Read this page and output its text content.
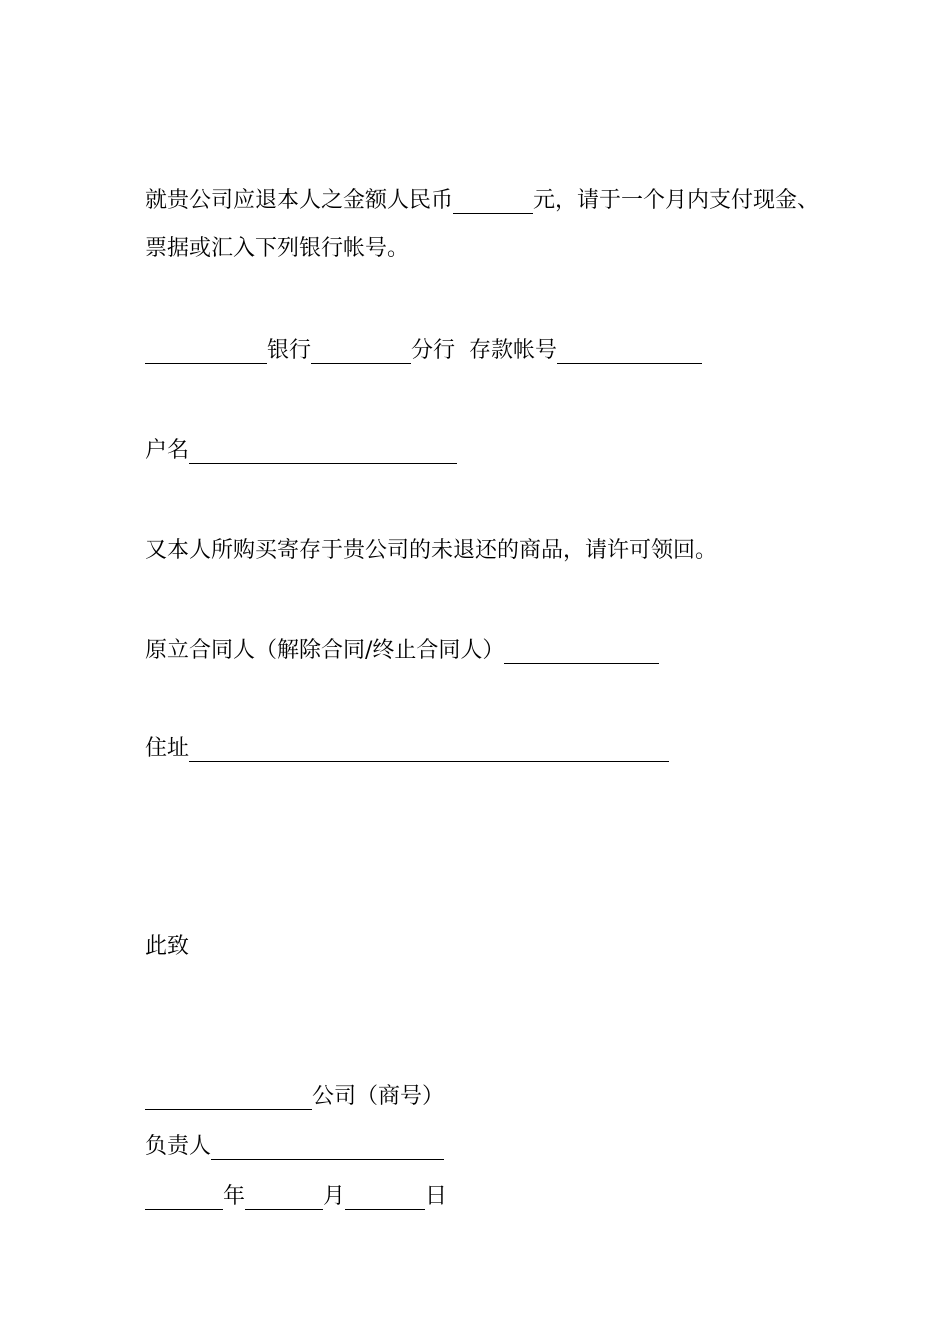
就贵公司应退本人之金额人民币	元，请于一个月内支付现金、
票据或汇入下列银行帐号。
银行	分行 存款帐号
户名
又本人所购买寄存于贵公司的未退还的商品，请许可领回。
原立合同人（解除合同/终止合同人）
住址
此致
公司（商号）
负责人
年	月	日
